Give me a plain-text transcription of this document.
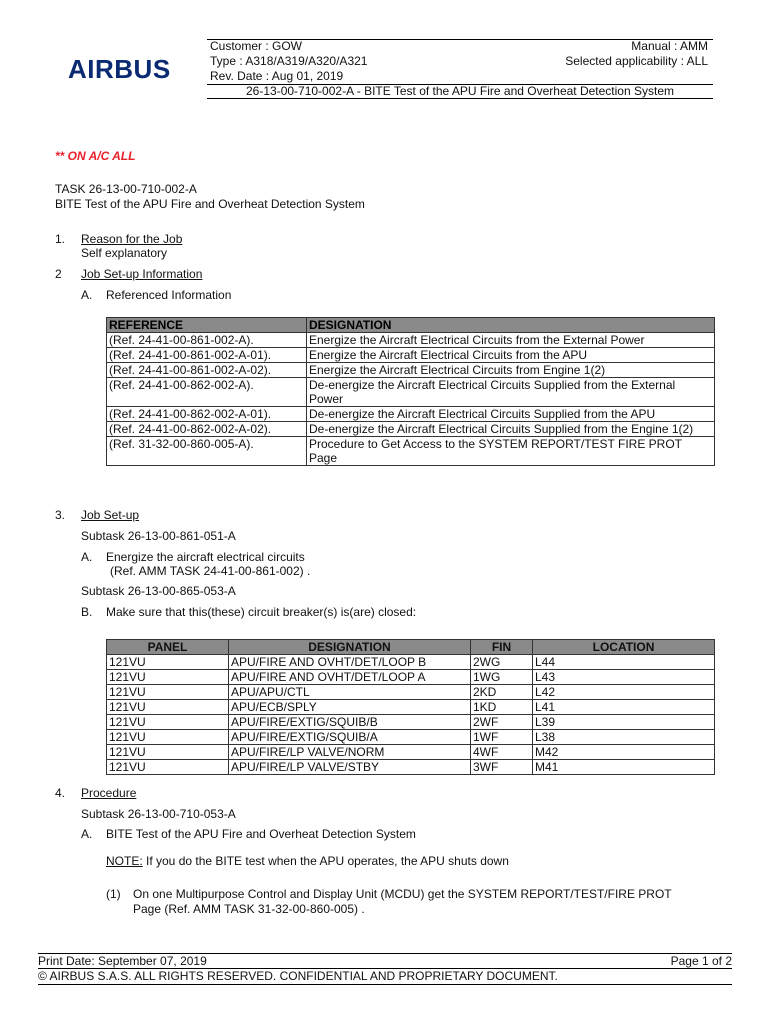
AIRBUS
Customer : GOW	Manual : AMM
Type : A318/A319/A320/A321	Selected applicability : ALL
Rev. Date : Aug 01, 2019
26-13-00-710-002-A - BITE Test of the APU Fire and Overheat Detection System
** ON A/C ALL
TASK 26-13-00-710-002-A
BITE Test of the APU Fire and Overheat Detection System
1. Reason for the Job
Self explanatory
2 Job Set-up Information
A. Referenced Information
REFERENCE	DESIGNATION
(Ref. 24-41-00-861-002-A).	Energize the Aircraft Electrical Circuits from the External Power
(Ref. 24-41-00-861-002-A-01).	Energize the Aircraft Electrical Circuits from the APU
(Ref. 24-41-00-861-002-A-02).	Energize the Aircraft Electrical Circuits from Engine 1(2)
(Ref. 24-41-00-862-002-A).	De-energize the Aircraft Electrical Circuits Supplied from the External Power
(Ref. 24-41-00-862-002-A-01).	De-energize the Aircraft Electrical Circuits Supplied from the APU
(Ref. 24-41-00-862-002-A-02).	De-energize the Aircraft Electrical Circuits Supplied from the Engine 1(2)
(Ref. 31-32-00-860-005-A).	Procedure to Get Access to the SYSTEM REPORT/TEST FIRE PROT Page
3. Job Set-up
Subtask 26-13-00-861-051-A
A. Energize the aircraft electrical circuits
(Ref. AMM TASK 24-41-00-861-002) .
Subtask 26-13-00-865-053-A
B. Make sure that this(these) circuit breaker(s) is(are) closed:
PANEL	DESIGNATION	FIN	LOCATION
121VU	APU/FIRE AND OVHT/DET/LOOP B	2WG	L44
121VU	APU/FIRE AND OVHT/DET/LOOP A	1WG	L43
121VU	APU/APU/CTL	2KD	L42
121VU	APU/ECB/SPLY	1KD	L41
121VU	APU/FIRE/EXTIG/SQUIB/B	2WF	L39
121VU	APU/FIRE/EXTIG/SQUIB/A	1WF	L38
121VU	APU/FIRE/LP VALVE/NORM	4WF	M42
121VU	APU/FIRE/LP VALVE/STBY	3WF	M41
4. Procedure
Subtask 26-13-00-710-053-A
A. BITE Test of the APU Fire and Overheat Detection System
NOTE: If you do the BITE test when the APU operates, the APU shuts down
(1) On one Multipurpose Control and Display Unit (MCDU) get the SYSTEM REPORT/TEST/FIRE PROT
Page (Ref. AMM TASK 31-32-00-860-005) .
Print Date: September 07, 2019	Page 1 of 2
© AIRBUS S.A.S. ALL RIGHTS RESERVED. CONFIDENTIAL AND PROPRIETARY DOCUMENT.
